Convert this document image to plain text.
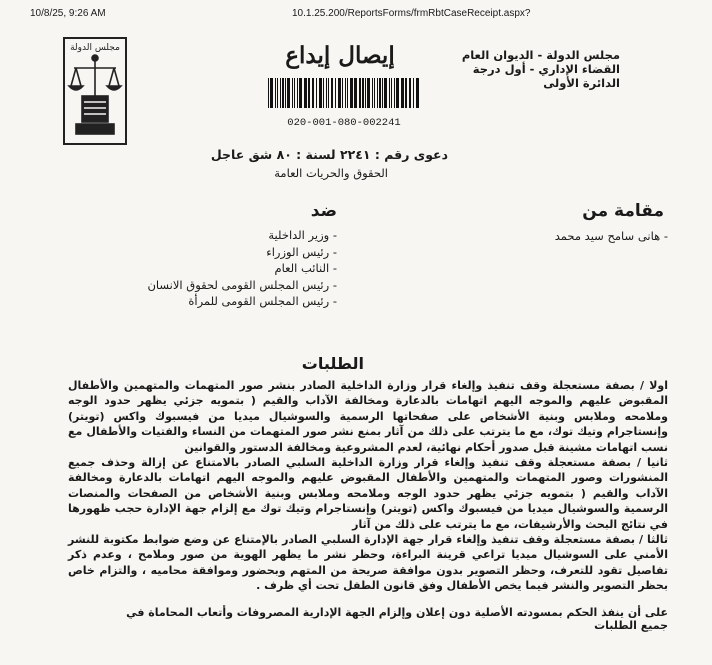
10/8/25, 9:26 AM	10.1.25.200/ReportsForms/frmRbtCaseReceipt.aspx?
مجلس الدولة	مجلس الدولة - الديوان العام
القضاء الإداري - أول درجة
الدائرة الأولى
إيصال إيداع
020-001-080-002241
دعوى رقم : ٢٢٤١ لسنة : ٨٠ شق عاجل
الحقوق والحريات العامة
مقامة من
- هانى سامح سيد محمد
ضد
- وزير الداخلية
- رئيس الوزراء
- النائب العام
- رئيس المجلس القومى لحقوق الانسان
- رئيس المجلس القومى للمرأة
الطلبات

اولا / بصفة مستعجلة وقف تنفيذ وإلغاء قرار وزارة الداخلية الصادر بنشر صور المتهمات والمتهمين والأطفال المقبوض عليهم والموجه اليهم اتهامات بالدعارة ومخالفة الآداب والقيم ( بتمويه جزئي يظهر حدود الوجه وملامحه وملابس وبنية الأشخاص على صفحاتها الرسمية والسوشيال ميديا من فيسبوك واكس (تويتر) وإنستاجرام وتيك توك، مع ما يترتب على ذلك من آثار بمنع نشر صور المتهمات من النساء والفتيات والأطفال مع نسب اتهامات مشينة قبل صدور أحكام نهائية، لعدم المشروعية ومخالفة الدستور والقوانين

ثانيا / بصفة مستعجلة وقف تنفيذ وإلغاء قرار وزارة الداخلية السلبي الصادر بالامتناع عن إزالة وحذف جميع المنشورات وصور المتهمات والمتهمين والأطفال المقبوض عليهم والموجه اليهم اتهامات بالدعارة ومخالفة الآداب والقيم ( بتمويه جزئي يظهر حدود الوجه وملامحه وملابس وبنية الأشخاص من الصفحات والمنصات الرسمية والسوشيال ميديا من فيسبوك واكس (تويتر) وإنستاجرام وتيك توك مع إلزام جهة الإدارة حجب ظهورها في نتائج البحث والأرشيفات، مع ما يترتب على ذلك من آثار

ثالثا / بصفة مستعجلة وقف تنفيذ وإلغاء قرار جهة الإدارة السلبي الصادر بالإمتناع عن وضع ضوابط مكتوبة للنشر الأمني على السوشيال ميديا تراعي قرينة البراءة، وحظر نشر ما يظهر الهوية من صور وملامح ، وعدم ذكر تفاصيل تقود للتعرف، وحظر التصوير بدون موافقة صريحة من المتهم وبحضور وموافقة محاميه ، والتزام خاص بحظر التصوير والنشر فيما يخص الأطفال وفق قانون الطفل تحت أي ظرف .

على أن ينفذ الحكم بمسودته الأصلية دون إعلان وإلزام الجهة الإدارية المصروفات وأتعاب المحاماة في جميع الطلبات
